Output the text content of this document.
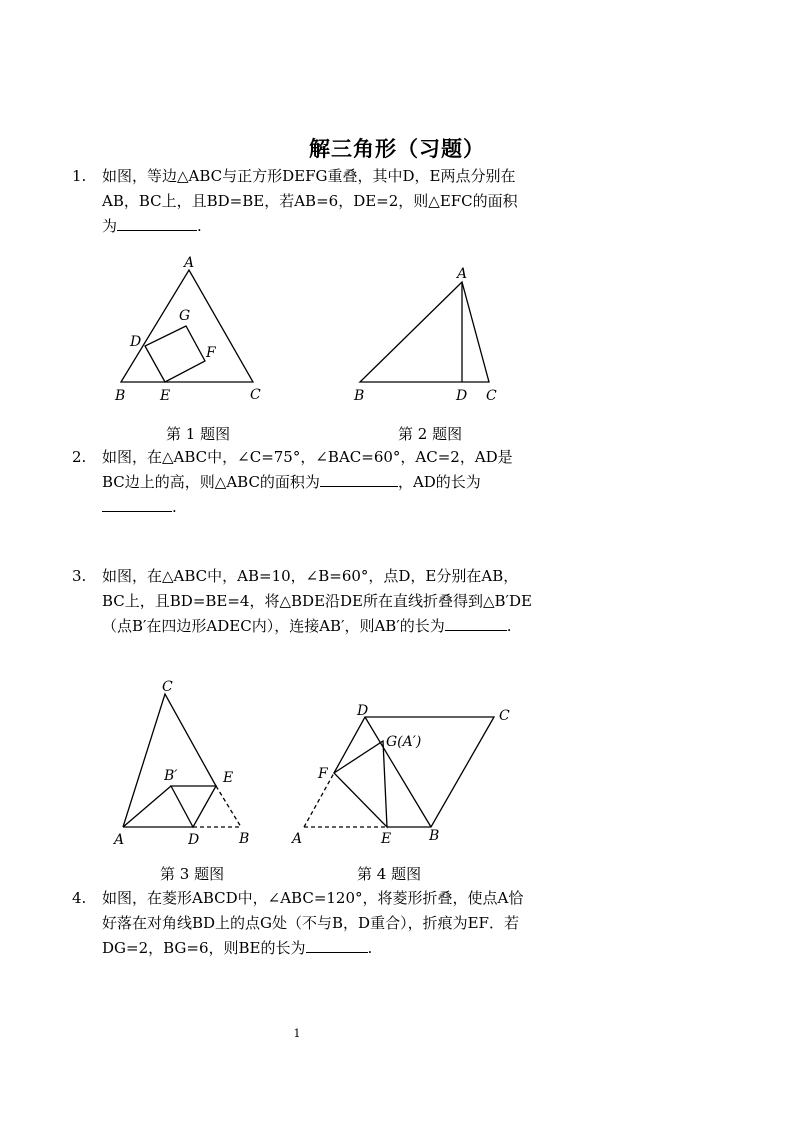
解三角形（习题）
1. 如图，等边△ABC与正方形DEFG重叠，其中D，E两点分别在AB，BC上，且BD=BE，若AB=6，DE=2，则△EFC的面积为	.
A
B	C
D
E
F
G
A
B	C
D
第 1 题图	第 2 题图
2. 如图，在△ABC中，∠C=75°，∠BAC=60°，AC=2，AD是BC边上的高，则△ABC的面积为	，AD的长为.
3. 如图，在△ABC中，AB=10，∠B=60°，点D，E分别在AB，BC上，且BD=BE=4，将△BDE沿DE所在直线折叠得到△B′DE（点B′在四边形ADEC内），连接AB′，则AB′的长为	.
A	B
C
D
E
B′
A	B
C
D
E
F
G(A′)
第 3 题图	第 4 题图
4. 如图，在菱形ABCD中，∠ABC=120°，将菱形折叠，使点A恰好落在对角线BD上的点G处（不与B，D重合），折痕为EF．若DG=2，BG=6，则BE的长为	.
1
